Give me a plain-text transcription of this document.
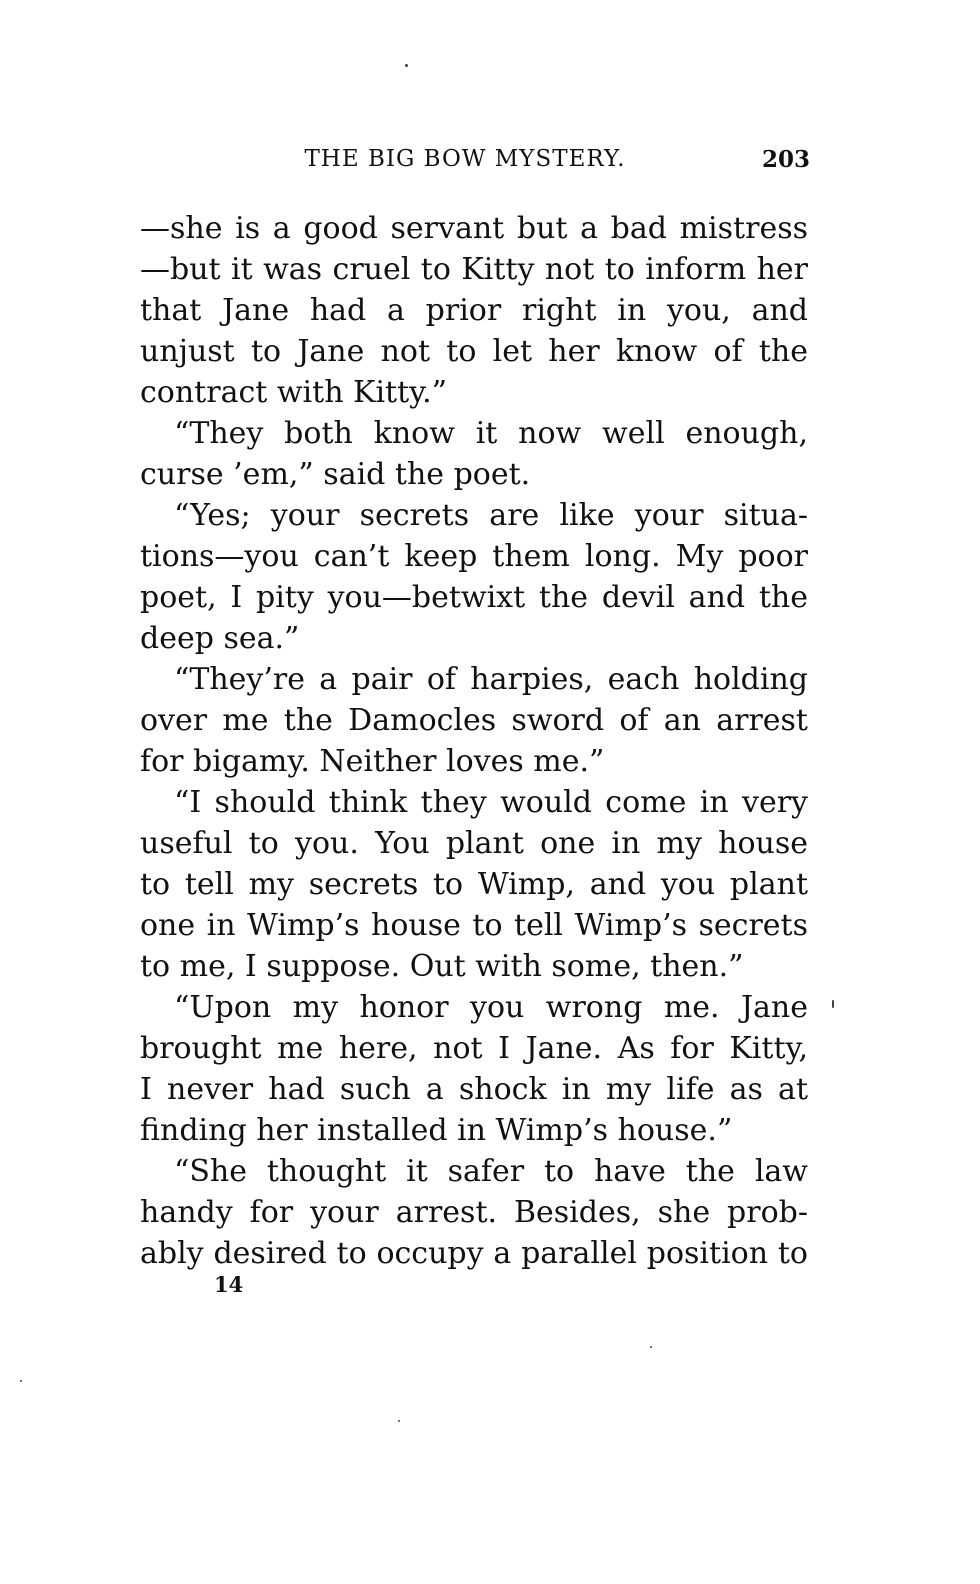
THE BIG BOW MYSTERY.	203
—she is a good servant but a bad mistress
—but it was cruel to Kitty not to inform her
that Jane had a prior right in you, and
unjust to Jane not to let her know of the
contract with Kitty.”
“They both know it now well enough,
curse ’em,” said the poet.
“Yes; your secrets are like your situa-
tions—you can’t keep them long. My poor
poet, I pity you—betwixt the devil and the
deep sea.”
“They’re a pair of harpies, each holding
over me the Damocles sword of an arrest
for bigamy. Neither loves me.”
“I should think they would come in very
useful to you. You plant one in my house
to tell my secrets to Wimp, and you plant
one in Wimp’s house to tell Wimp’s secrets
to me, I suppose. Out with some, then.”
“Upon my honor you wrong me. Jane
brought me here, not I Jane. As for Kitty,
I never had such a shock in my life as at
finding her installed in Wimp’s house.”
“She thought it safer to have the law
handy for your arrest. Besides, she prob-
ably desired to occupy a parallel position to
14
